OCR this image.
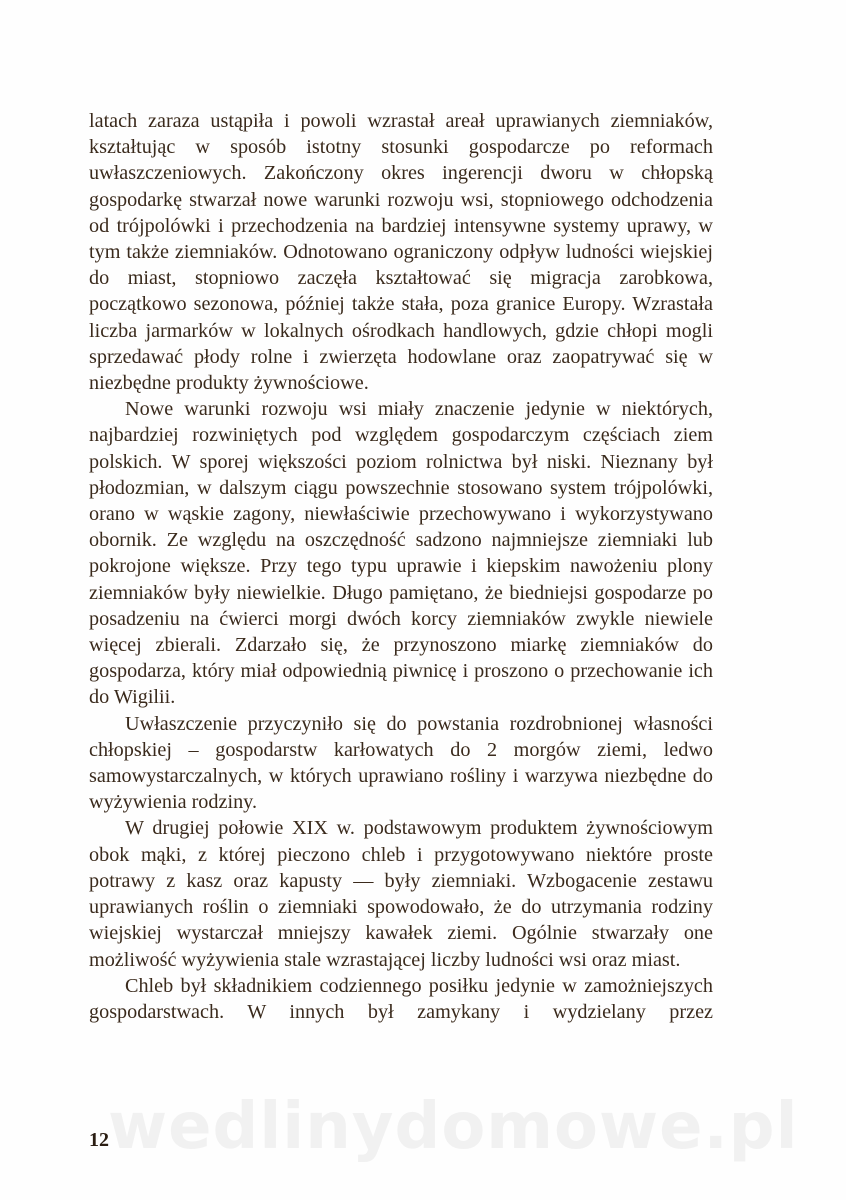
latach zaraza ustąpiła i powoli wzrastał areał uprawianych ziemniaków, kształtując w sposób istotny stosunki gospodarcze po reformach uwłaszczeniowych. Zakończony okres ingerencji dworu w chłopską gospodarkę stwarzał nowe warunki rozwoju wsi, stopniowego odchodzenia od trójpolówki i przechodzenia na bardziej intensywne systemy uprawy, w tym także ziemniaków. Odnotowano ograniczony odpływ ludności wiejskiej do miast, stopniowo zaczęła kształtować się migracja zarobkowa, początkowo sezonowa, później także stała, poza granice Europy. Wzrastała liczba jarmarków w lokalnych ośrodkach handlowych, gdzie chłopi mogli sprzedawać płody rolne i zwierzęta hodowlane oraz zaopatrywać się w niezbędne produkty żywnościowe.

Nowe warunki rozwoju wsi miały znaczenie jedynie w niektórych, najbardziej rozwiniętych pod względem gospodarczym częściach ziem polskich. W sporej większości poziom rolnictwa był niski. Nieznany był płodozmian, w dalszym ciągu powszechnie stosowano system trójpolówki, orano w wąskie zagony, niewłaściwie przechowywano i wykorzystywano obornik. Ze względu na oszczędność sadzono najmniejsze ziemniaki lub pokrojone większe. Przy tego typu uprawie i kiepskim nawożeniu plony ziemniaków były niewielkie. Długo pamiętano, że biedniejsi gospodarze po posadzeniu na ćwierci morgi dwóch korcy ziemniaków zwykle niewiele więcej zbierali. Zdarzało się, że przynoszono miarkę ziemniaków do gospodarza, który miał odpowiednią piwnicę i proszono o przechowanie ich do Wigilii.

Uwłaszczenie przyczyniło się do powstania rozdrobnionej własności chłopskiej – gospodarstw karłowatych do 2 morgów ziemi, ledwo samowystarczalnych, w których uprawiano rośliny i warzywa niezbędne do wyżywienia rodziny.

W drugiej połowie XIX w. podstawowym produktem żywnościowym obok mąki, z której pieczono chleb i przygotowywano niektóre proste potrawy z kasz oraz kapusty — były ziemniaki. Wzbogacenie zestawu uprawianych roślin o ziemniaki spowodowało, że do utrzymania rodziny wiejskiej wystarczał mniejszy kawałek ziemi. Ogólnie stwarzały one możliwość wyżywienia stale wzrastającej liczby ludności wsi oraz miast.

Chleb był składnikiem codziennego posiłku jedynie w zamożniejszych gospodarstwach. W innych był zamykany i wydzielany przez

wedlinydomowe.pl
12
